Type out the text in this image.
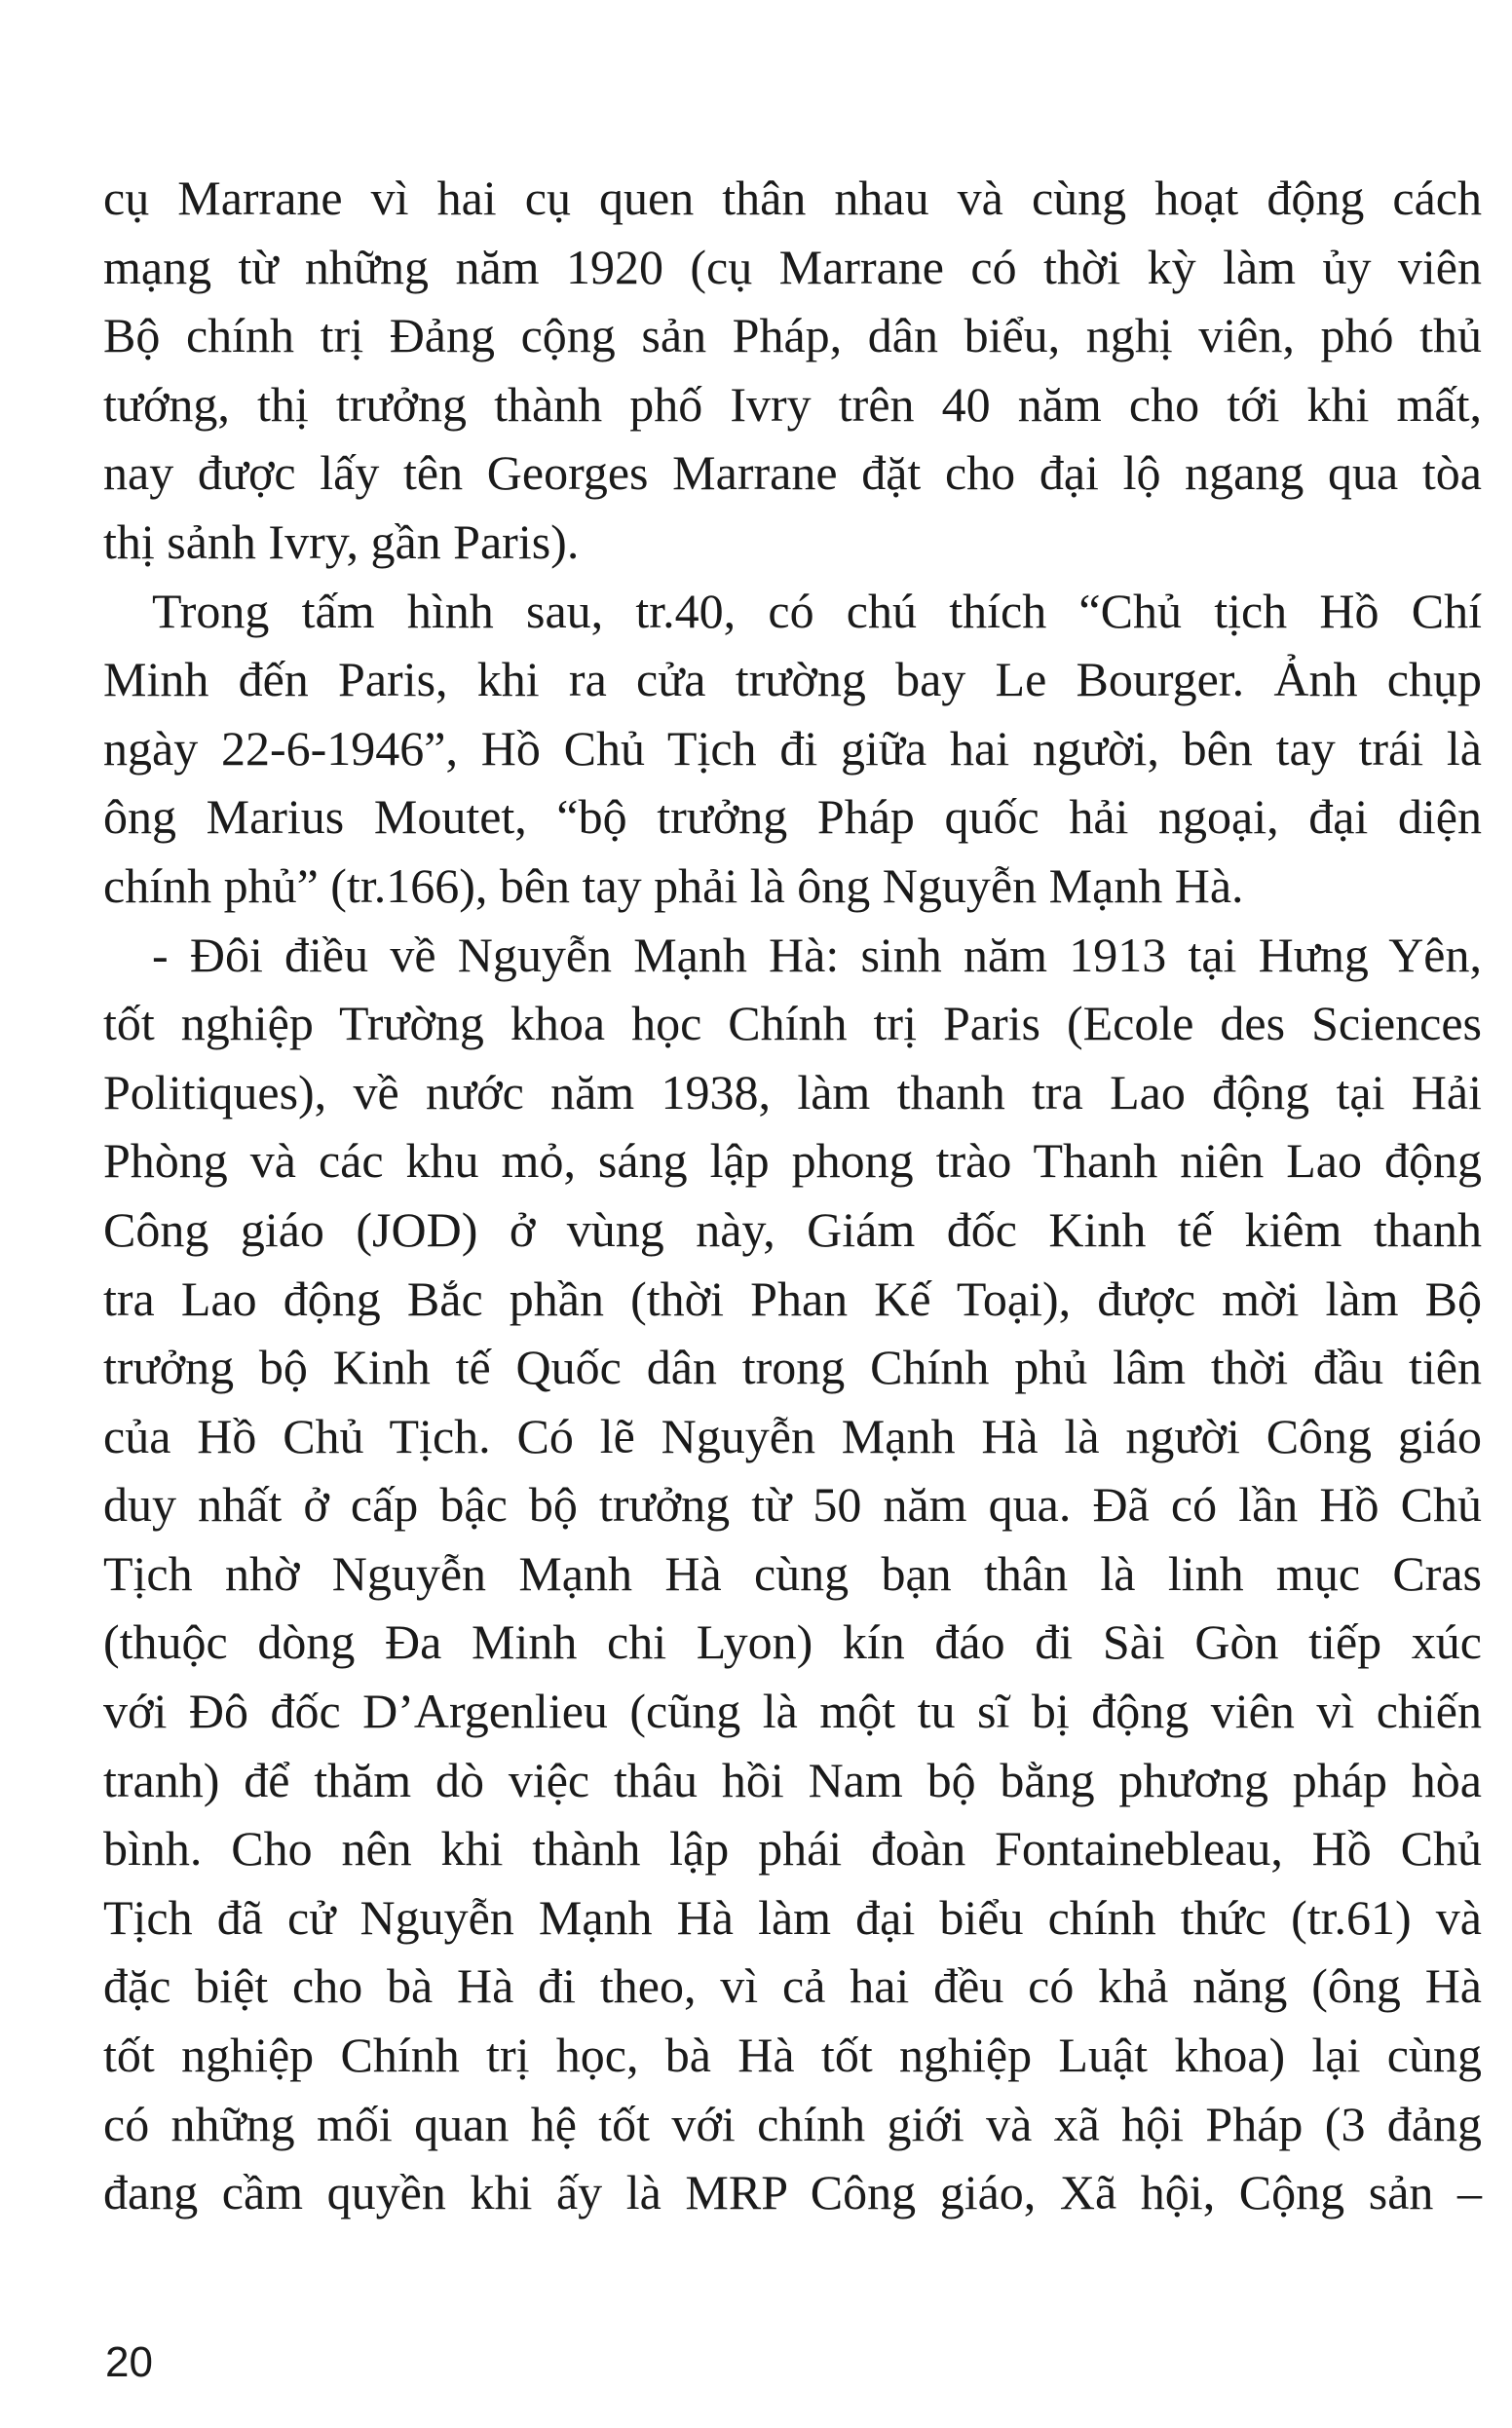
cụ Marrane vì hai cụ quen thân nhau và cùng hoạt động cách
mạng từ những năm 1920 (cụ Marrane có thời kỳ làm ủy viên
Bộ chính trị Đảng cộng sản Pháp, dân biểu, nghị viên, phó thủ
tướng, thị trưởng thành phố Ivry trên 40 năm cho tới khi mất,
nay được lấy tên Georges Marrane đặt cho đại lộ ngang qua tòa
thị sảnh Ivry, gần Paris).
Trong tấm hình sau, tr.40, có chú thích “Chủ tịch Hồ Chí
Minh đến Paris, khi ra cửa trường bay Le Bourger. Ảnh chụp
ngày 22-6-1946”, Hồ Chủ Tịch đi giữa hai người, bên tay trái là
ông Marius Moutet, “bộ trưởng Pháp quốc hải ngoại, đại diện
chính phủ” (tr.166), bên tay phải là ông Nguyễn Mạnh Hà.
- Đôi điều về Nguyễn Mạnh Hà: sinh năm 1913 tại Hưng Yên,
tốt nghiệp Trường khoa học Chính trị Paris (Ecole des Sciences
Politiques), về nước năm 1938, làm thanh tra Lao động tại Hải
Phòng và các khu mỏ, sáng lập phong trào Thanh niên Lao động
Công giáo (JOD) ở vùng này, Giám đốc Kinh tế kiêm thanh
tra Lao động Bắc phần (thời Phan Kế Toại), được mời làm Bộ
trưởng bộ Kinh tế Quốc dân trong Chính phủ lâm thời đầu tiên
của Hồ Chủ Tịch. Có lẽ Nguyễn Mạnh Hà là người Công giáo
duy nhất ở cấp bậc bộ trưởng từ 50 năm qua. Đã có lần Hồ Chủ
Tịch nhờ Nguyễn Mạnh Hà cùng bạn thân là linh mục Cras
(thuộc dòng Đa Minh chi Lyon) kín đáo đi Sài Gòn tiếp xúc
với Đô đốc D’Argenlieu (cũng là một tu sĩ bị động viên vì chiến
tranh) để thăm dò việc thâu hồi Nam bộ bằng phương pháp hòa
bình. Cho nên khi thành lập phái đoàn Fontainebleau, Hồ Chủ
Tịch đã cử Nguyễn Mạnh Hà làm đại biểu chính thức (tr.61) và
đặc biệt cho bà Hà đi theo, vì cả hai đều có khả năng (ông Hà
tốt nghiệp Chính trị học, bà Hà tốt nghiệp Luật khoa) lại cùng
có những mối quan hệ tốt với chính giới và xã hội Pháp (3 đảng
đang cầm quyền khi ấy là MRP Công giáo, Xã hội, Cộng sản –
20
